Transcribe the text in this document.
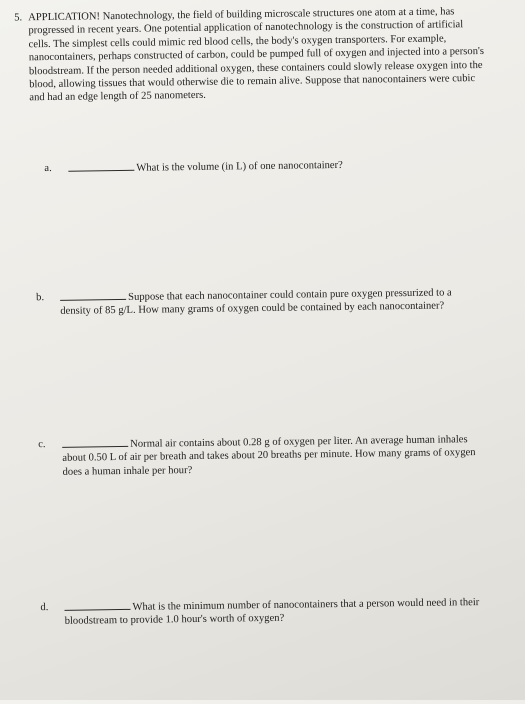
5. APPLICATION! Nanotechnology, the field of building microscale structures one atom at a time, has progressed in recent years. One potential application of nanotechnology is the construction of artificial cells. The simplest cells could mimic red blood cells, the body's oxygen transporters. For example, nanocontainers, perhaps constructed of carbon, could be pumped full of oxygen and injected into a person's bloodstream. If the person needed additional oxygen, these containers could slowly release oxygen into the blood, allowing tissues that would otherwise die to remain alive. Suppose that nanocontainers were cubic and had an edge length of 25 nanometers.
a.	What is the volume (in L) of one nanocontainer?
b.	Suppose that each nanocontainer could contain pure oxygen pressurized to a density of 85 g/L. How many grams of oxygen could be contained by each nanocontainer?
c.	Normal air contains about 0.28 g of oxygen per liter. An average human inhales about 0.50 L of air per breath and takes about 20 breaths per minute. How many grams of oxygen does a human inhale per hour?
d.	What is the minimum number of nanocontainers that a person would need in their bloodstream to provide 1.0 hour's worth of oxygen?
